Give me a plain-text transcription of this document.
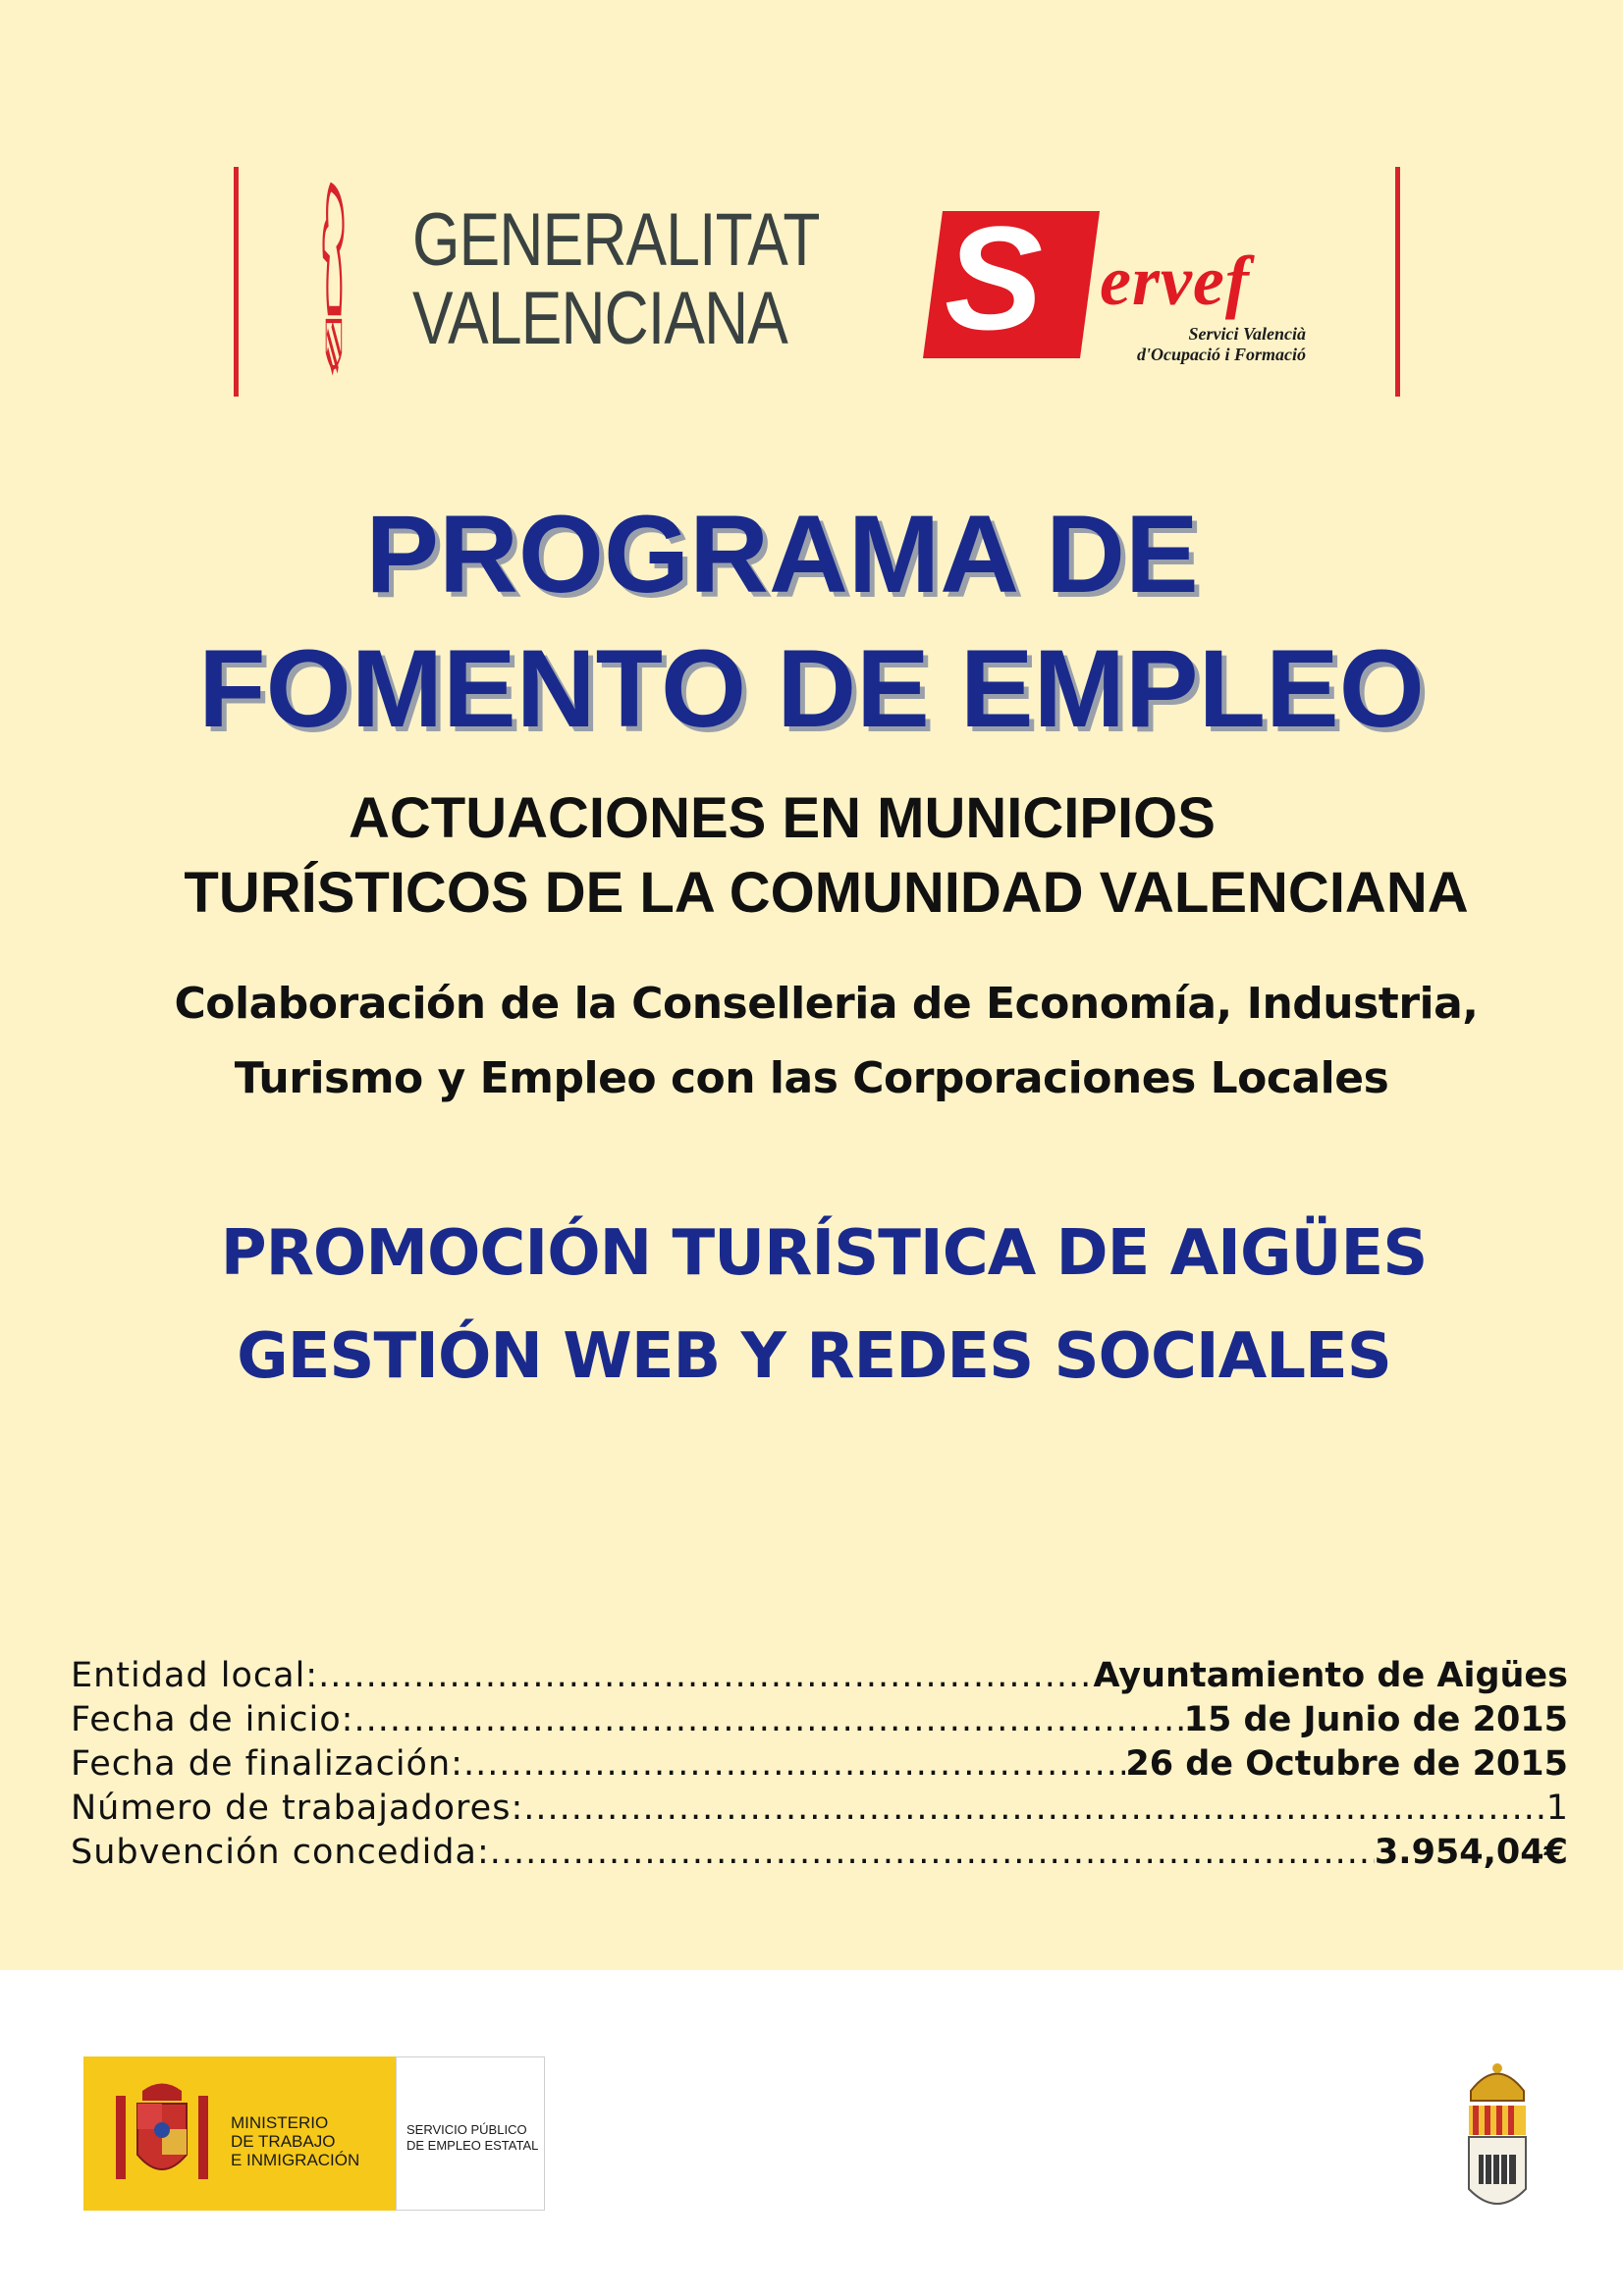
GENERALITAT
VALENCIANA S ervef
Servici Valencià
d'Ocupació i Formació
PROGRAMA DE
FOMENTO DE EMPLEO
ACTUACIONES EN MUNICIPIOS
TURÍSTICOS DE LA COMUNIDAD VALENCIANA
Colaboración de la Conselleria de Economía, Industria,
Turismo y Empleo con las Corporaciones Locales
PROMOCIÓN TURÍSTICA DE AIGÜES
GESTIÓN WEB Y REDES SOCIALES
Entidad local: .....	Ayuntamiento de Aigües
Fecha de inicio: .....	15 de Junio de 2015
Fecha de finalización: .....	26 de Octubre de 2015
Número de trabajadores: .....	1
Subvención concedida: .....	3.954,04€
MINISTERIO
DE TRABAJO
E INMIGRACIÓN
SERVICIO PÚBLICO
DE EMPLEO ESTATAL
